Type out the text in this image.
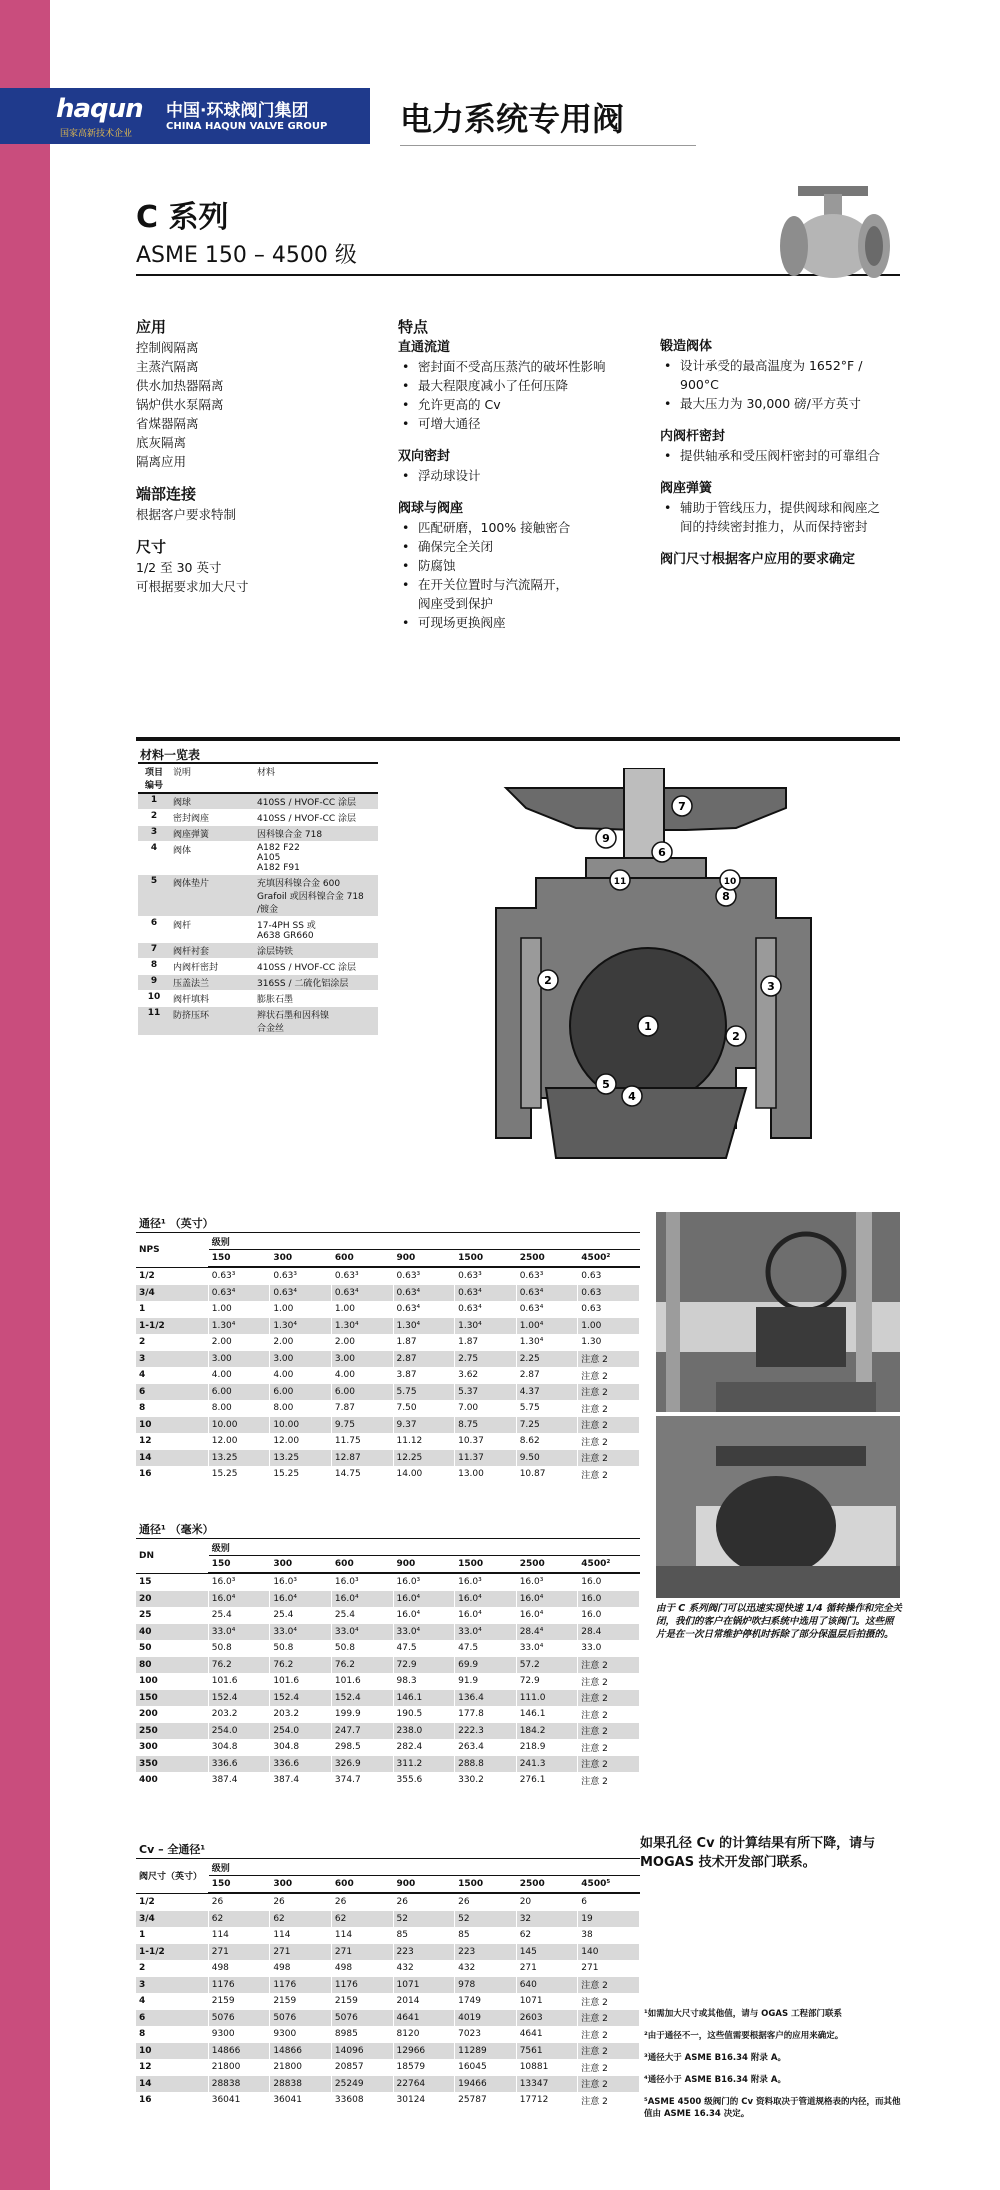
haqun
国家高新技术企业
中国·环球阀门集团
CHINA HAQUN VALVE GROUP 电力系统专用阀
C 系列
ASME 150 – 4500 级
应用

控制阀隔离

主蒸汽隔离

供水加热器隔离

锅炉供水泵隔离

省煤器隔离

底灰隔离

隔离应用

端部连接

根据客户要求特制

尺寸

1/2 至 30 英寸

可根据要求加大尺寸

特点
直通流道

• 密封面不受高压蒸汽的破坏性影响

• 最大程限度减小了任何压降

• 允许更高的 Cv

• 可增大通径

双向密封

• 浮动球设计

阀球与阀座

• 匹配研磨，100% 接触密合

• 确保完全关闭

• 防腐蚀

• 在开关位置时与汽流隔开，

阀座受到保护

• 可现场更换阀座

锻造阀体

• 设计承受的最高温度为 1652°F /

900°C

• 最大压力为 30,000 磅/平方英寸

内阀杆密封

• 提供轴承和受压阀杆密封的可靠组合

阀座弹簧

• 辅助于管线压力，提供阀球和阀座之

间的持续密封推力，从而保持密封

阀门尺寸根据客户应用的要求确定
材料一览表
项目编号	说明	材料
1	阀球	410SS / HVOF-CC 涂层
2	密封阀座	410SS / HVOF-CC 涂层
3	阀座弹簧	因科镍合金 718
4	阀体	A182 F22
A105
A182 F91
5	阀体垫片	充填因科镍合金 600
Grafoil 或因科镍合金 718
/镀金
6	阀杆	17-4PH SS 或
A638 GR660
7	阀杆衬套	涂层铸铁
8	内阀杆密封	410SS / HVOF-CC 涂层
9	压盖法兰	316SS / 二硫化铝涂层
10	阀杆填料	膨胀石墨
11	防挤压环	辫状石墨和因科镍
合金丝	1
2
2
3
4
5
6
7
8
9
10
11
通径¹ （英寸）							
NPS	级别						
	150	300	600	900	1500	2500	4500²
1/2	0.63³	0.63³	0.63³	0.63³	0.63³	0.63³	0.63
3/4	0.63⁴	0.63⁴	0.63⁴	0.63⁴	0.63⁴	0.63⁴	0.63
1	1.00	1.00	1.00	0.63⁴	0.63⁴	0.63⁴	0.63
1-1/2	1.30⁴	1.30⁴	1.30⁴	1.30⁴	1.30⁴	1.00⁴	1.00
2	2.00	2.00	2.00	1.87	1.87	1.30⁴	1.30
3	3.00	3.00	3.00	2.87	2.75	2.25	注意 2
4	4.00	4.00	4.00	3.87	3.62	2.87	注意 2
6	6.00	6.00	6.00	5.75	5.37	4.37	注意 2
8	8.00	8.00	7.87	7.50	7.00	5.75	注意 2
10	10.00	10.00	9.75	9.37	8.75	7.25	注意 2
12	12.00	12.00	11.75	11.12	10.37	8.62	注意 2
14	13.25	13.25	12.87	12.25	11.37	9.50	注意 2
16	15.25	15.25	14.75	14.00	13.00	10.87	注意 2
通径¹ （毫米）							
DN	级别						
	150	300	600	900	1500	2500	4500²
15	16.0³	16.0³	16.0³	16.0³	16.0³	16.0³	16.0
20	16.0⁴	16.0⁴	16.0⁴	16.0⁴	16.0⁴	16.0⁴	16.0
25	25.4	25.4	25.4	16.0⁴	16.0⁴	16.0⁴	16.0
40	33.0⁴	33.0⁴	33.0⁴	33.0⁴	33.0⁴	28.4⁴	28.4
50	50.8	50.8	50.8	47.5	47.5	33.0⁴	33.0
80	76.2	76.2	76.2	72.9	69.9	57.2	注意 2
100	101.6	101.6	101.6	98.3	91.9	72.9	注意 2
150	152.4	152.4	152.4	146.1	136.4	111.0	注意 2
200	203.2	203.2	199.9	190.5	177.8	146.1	注意 2
250	254.0	254.0	247.7	238.0	222.3	184.2	注意 2
300	304.8	304.8	298.5	282.4	263.4	218.9	注意 2
350	336.6	336.6	326.9	311.2	288.8	241.3	注意 2
400	387.4	387.4	374.7	355.6	330.2	276.1	注意 2
Cv – 全通径¹							
阀尺寸（英寸）	级别						
	150	300	600	900	1500	2500	4500⁵
1/2	26	26	26	26	26	20	6
3/4	62	62	62	52	52	32	19
1	114	114	114	85	85	62	38
1-1/2	271	271	271	223	223	145	140
2	498	498	498	432	432	271	271
3	1176	1176	1176	1071	978	640	注意 2
4	2159	2159	2159	2014	1749	1071	注意 2
6	5076	5076	5076	4641	4019	2603	注意 2
8	9300	9300	8985	8120	7023	4641	注意 2
10	14866	14866	14096	12966	11289	7561	注意 2
12	21800	21800	20857	18579	16045	10881	注意 2
14	28838	28838	25249	22764	19466	13347	注意 2
16	36041	36041	33608	30124	25787	17712	注意 2
由于 C 系列阀门可以迅速实现快速 1/4 循转操作和完全关闭，我们的客户在锅炉吹扫系统中选用了该阀门。这些照片是在一次日常维护停机时拆除了部分保温层后拍摄的。
如果孔径 Cv 的计算结果有所下降，请与 MOGAS 技术开发部门联系。

¹如需加大尺寸或其他值，请与 OGAS 工程部门联系

²由于通径不一，这些值需要根据客户的应用来确定。

³通径大于 ASME B16.34 附录 A。

⁴通径小于 ASME B16.34 附录 A。

⁵ASME 4500 级阀门的 Cv 资料取决于管道规格表的内径，而其他值由 ASME 16.34 决定。
